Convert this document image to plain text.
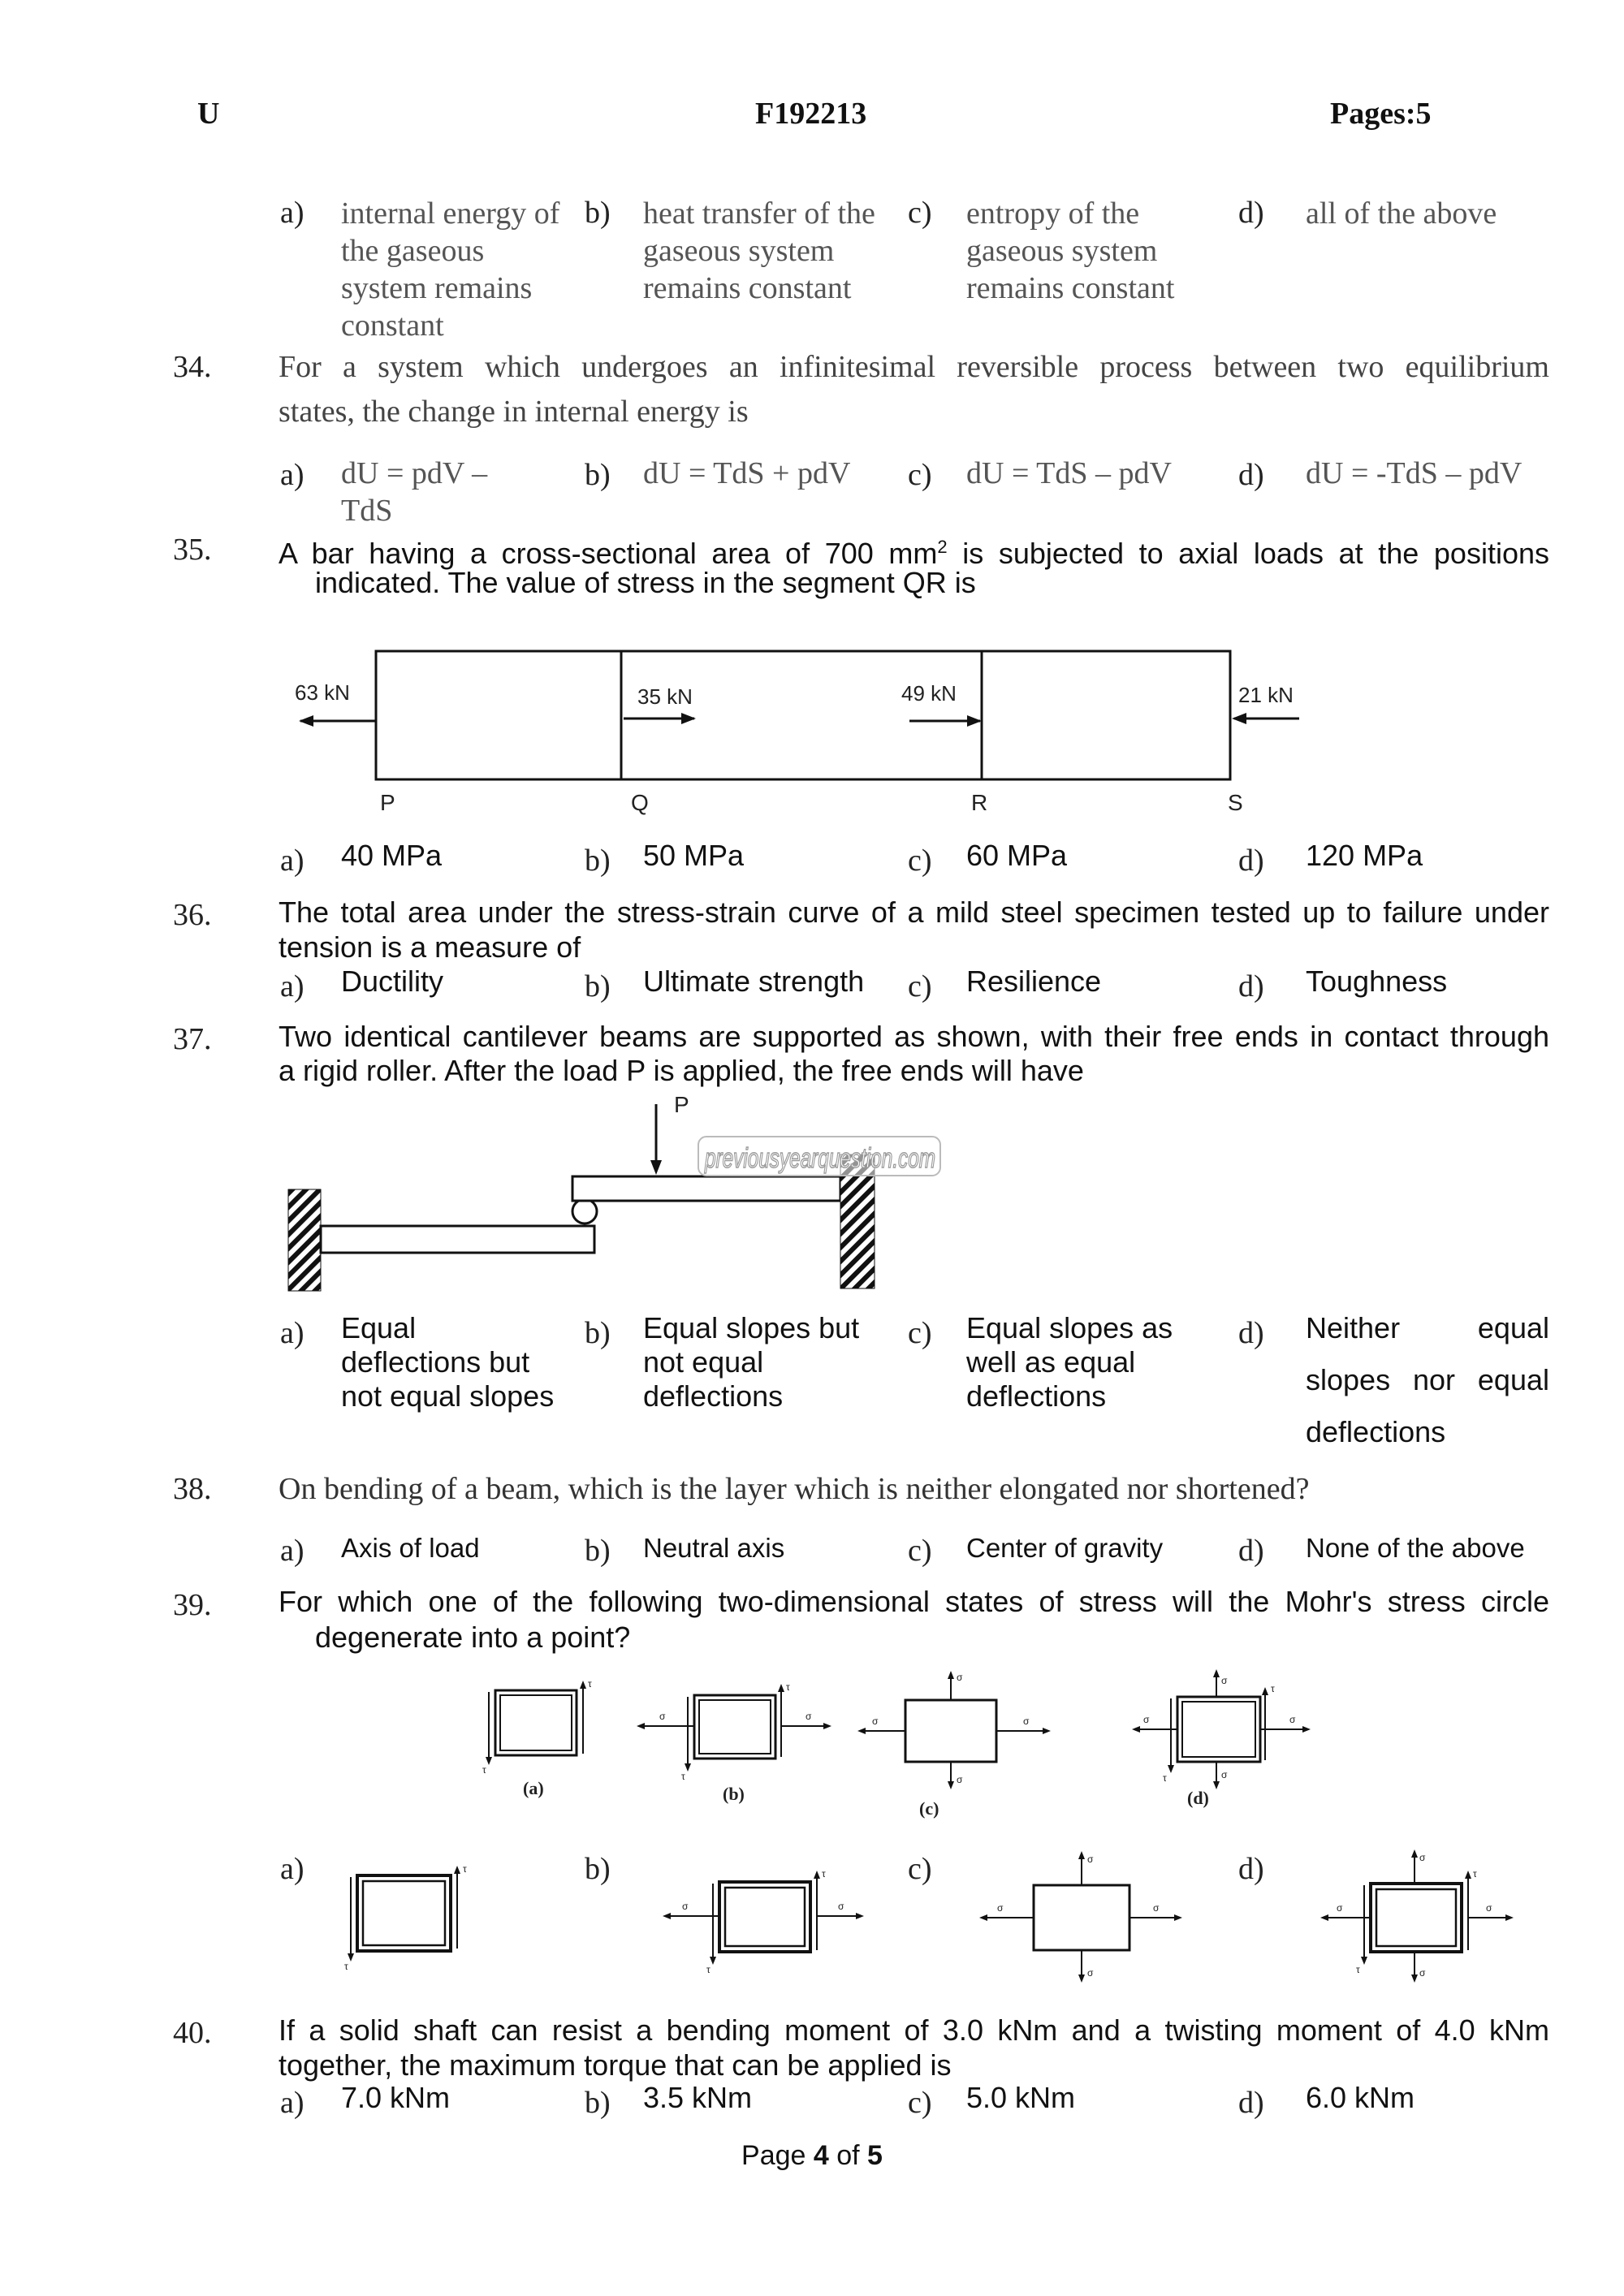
U	F192213	Pages:5
a) internal energy of the gaseous system remains constant
b) heat transfer of the gaseous system remains constant
c) entropy of the gaseous system remains constant
d) all of the above
34. For a system which undergoes an infinitesimal reversible process between two equilibrium
states, the change in internal energy is
a) dU = pdV – TdS
b) dU = TdS + pdV	c) dU = TdS – pdV	d) dU = -TdS – pdV
35. A bar having a cross-sectional area of 700 $mm^2$ is subjected to axial loads at the positions
indicated. The value of stress in the segment QR is
63 kN	35 kN	49 kN	21 kN
P	Q	R	S
a) 40 MPa	b) 50 MPa	c) 60 MPa	d) 120 MPa
36. The total area under the stress-strain curve of a mild steel specimen tested up to failure under
tension is a measure of
a) Ductility	b) Ultimate strength c) Resilience	d) Toughness
37. Two identical cantilever beams are supported as shown, with their free ends in contact through
a rigid roller. After the load P is applied, the free ends will have
P
previousyearquestion.com
a) Equal deflections but not equal slopes
b) Equal slopes but not equal deflections
c) Equal slopes as well as equal deflections
d) Neither equal
slopes nor equal
deflections
38. On bending of a beam, which is the layer which is neither elongated nor shortened?
a) Axis of load	b) Neutral axis	c) Center of gravity d) None of the above
39. For which one of the following two-dimensional states of stress will the Mohr's stress circle
degenerate into a point?
τ
τ
(a)
σ	σ
τ
τ
(b)
σ
σ
σ	σ
(c)
σ
σ
σ	σ
τ
τ
(d)
a)	b)	c)	d)
τ
τ
σ	σ
τ
τ
σ
σ
σ	σ
σ
σ
σ	σ
τ
τ
40. If a solid shaft can resist a bending moment of 3.0 kNm and a twisting moment of 4.0 kNm
together, the maximum torque that can be applied is
a) 7.0 kNm	b) 3.5 kNm	c) 5.0 kNm	d) 6.0 kNm
Page 4 of 5
